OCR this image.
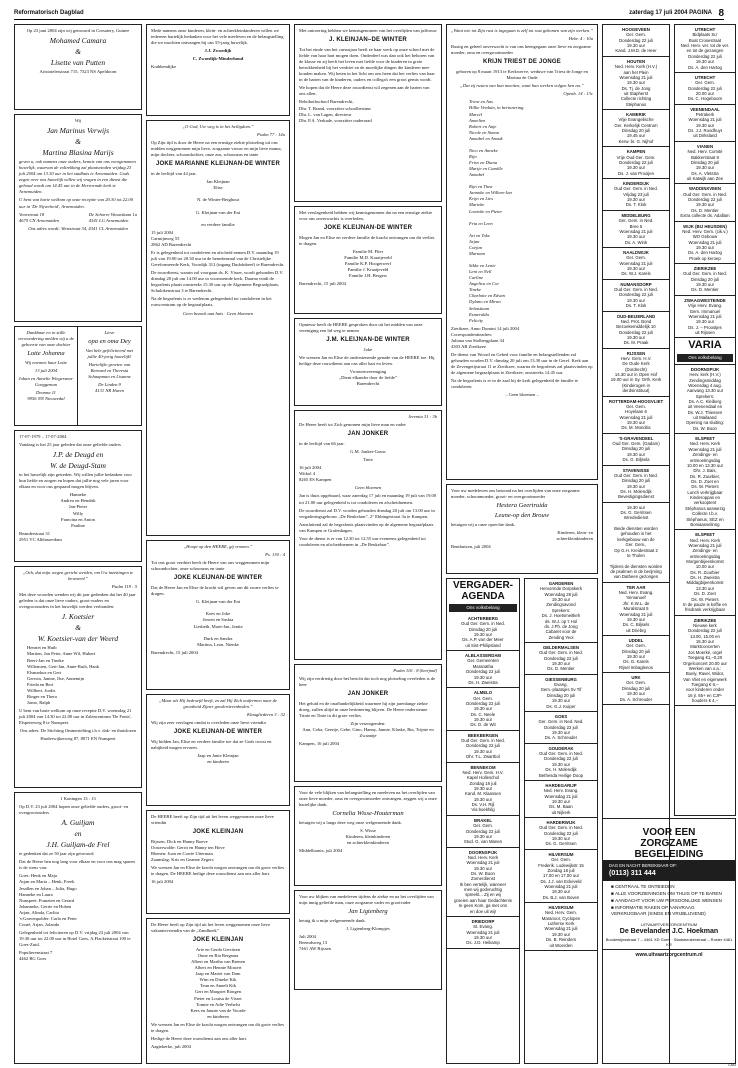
Reformatorisch Dagblad	zaterdag 17 juli 2004 PAGINA 8

Op 23 juni 2004 zijn wij getrouwd in Corsaiery, Guinee

Mohamed Camara

&

Lisette van Putten

Aristotelesstraat 715, 7323 NS Apeldoorn

Wij

Jan Marinus Verwijs

&

Martina Blasina Marijs

geven u, ook namens onze ouders, kennis van ons voorgenomen huwelijk, waarvan de voltrekking zal plaatsvinden vrijdag 23 juli 2004 om 13.30 uur in het stadhuis te Arnemuiden. Gods zegen over ons huwelijk willen wij vragen in een dienst die gehoud wordt om 14.45 uur in de Hervormde kerk te Arnemuiden.

U bent van harte welkom op onze receptie van 20.30 tot 22.00 uur in 'De Nijverheid', Arnemuiden.

Voorstraat 18
4675 CN Arnemuiden

De Schorre Wouwtlaan 1a
4341 LG Arnemuiden

Ons adres wordt: Weststraat 34, 4341 CL Arnemuiden

Dankbaar en in stille verwondering melden wij u de geboorte van onze dochter

Lotte Johanna

Wij noemen haar Lotte

13 juli 2004

Johan en Annelie Wiegersma-Goeggeman

Deanna 11
9956 NN Nieuwedal

Lieve

opa en oma Dey

Van hele gefeliciteerd met jullie 40-jarig huwelijk!

Hartelijke groeten van Bernard en Theresia Schaapman en Lisanne

De Linden 9
4131 NR Haren

17-07-1979 – 17-07-2004

Vandaag is het 25 jaar geleden dat onze geliefde ouders

J.P. de Deugd en

W. de Deugd-Stam

in het huwelijk zijn getreden. Wij willen jullie bedanken voor hun liefde en zorgen en hopen dat jullie nog vele jaren voor elkaar en voor ons gespaard mogen blijven.

Hanneke
Andrea en Hendrik
Jan-Pieter
Willy
Francina en Anton
Pauline

Beanderstraat 31
2951 VC Alblasserdam

„Och, dat mijn wegen gericht werden, om Uw inzettingen te bewaren!”

Psalm 119 : 5

Met deze woorden wenden wij dit jaar gedenken dat het 40 jaar geleden is dat onze lieve ouders, groot-ouders en overgrootouders in het huwelijk werden verbonden:

J. Koetsier

&

W. Koetsier-van der Weerd

Henriet en Huib
Martien, Jan Peter, Anne Wil, Hubert
Beert-Jan en Tineke
Willemien, Gert-Jan, Anne-Ruth, Hank
Elsmarkus en Gert
Gerwin, Janine, Ilse, Annemijn
Frieda en Bert
Willbert, Jordis
Ringer en Thera
Jarno, Ralph

U bent van harte welkom op onze receptie D.V. woensdag 21 juli 2004 van 14.30 tot 22.00 uur in Zalencentrum 'De Fonts', Elspeterweg 8 te Nunspeet.

Ons adres: De Stichting Ommestelting t.b.v. dak- en thuislozen

Harderwijkerweg 87, 8071 EN Nunspeet

1 Koningen 13 : 13

Op D.V. 23 juli 2004 hopen onze geliefde ouders, groot- en overgrootouders

A. Guiljam

en

J.H. Guiljam-de Frel

te gedenken dat ze 50 jaar zijn getrouwd.

Dat de Heere hen nog lang voor elkaar en voor ons mag sparen is de wens van:

Goes: Henk en Maja
Arjan en Maria – Henk, Freek
Jesallen en Johan – Julia, Hugo
Hanneke en Laura
Nunspeet: Franzien en Gerard
Johanneke, Gerrie en Hoben
Arjan, Alinda, Carlita
's-Gravenpolder: Carla en Peter
Corné, Arjan, Jolanda

Gelegenheid tot feliciteren op D.V. vrijdag 23 juli 2004 van 19.30 uur tot 22.00 uur in Hotel Goes, A.Flacketstraat 100 te Goes-Zuid.

Populierenstraat 7
4462 BG Goes

Mede namens onze kinderen, klein- en achterkleinkinderen willen we iedereen hartelijk bedanken voor het vele meeleven en de belangstelling die we mochten ontvangen bij ons 55-jarig huwelijk.

J.J. Zwoedijk

C. Zwoedijk-Minderhoud

Krabbendijke

„O God, Uw weg is in het heiligdom.”

Psalm 77 : 14a

Op Zijn tijd is door de Heere na een ernstige ziekte plotseling uit ons midden weggenomen mijn lieve, zorgzame vrouw en mijn lieve mama, mijn dochter, schoondochter, onze zus, schoonzus en tante

JOKE MARIANNE KLEIJNAN-DE WINTER

in de leeftijd van 44 jaar.

Jan Kleijnan
Elise

N. de Winter-Berghout

G. Kleijnan-van der Ent

en verdere familie

15 juli 2004
Carmijnweg 55
2862 AD Barendrecht

Er is gelegenheid tot condoleren en afscheid nemen D.V. maandag 19 juli van 19.00 tot 20.30 uur in de benedenzaal van de Christelijke Gereformeerde Kerk, Voordijk 312 (ingang Dudokdreef) te Barendrecht.

De rouwdienst, waarin zal voorgaan ds. K. Visser, wordt gehouden D.V. dinsdag 20 juli om 14.00 uur in voornoemde kerk. Daarna vindt de begrafenis plaats omstreeks 15.30 uur op de Algemene Begraafplaats, Schalokenstraat 3 te Barendrecht.

Na de begrafenis is er wederom gelegenheid tot condoleren in het rouwcentrum op de begraafplaats.

Geen bezoek aan huis · Geen bloemen

„Hoopt op den HEERE, gij vromen.”

Ps. 130 : 4

Tot ons groot verdriet heeft de Heere van ons weggenomen mijn schoondochter, onze schoonzus en tante

JOKE KLEIJNAN-DE WINTER

Dat de Heere Jan en Elise de kracht wil geven om dit zware verlies te dragen.

G. Kleijnan-van der Ent

Kees en Joke
Jeroen en Saskia
Liesbeth, Marit-Jan, Janita

Durk en Sandra
Martina, Leon, Nienke

Barendrecht, 15 juli 2004

„Maar als Hij bedroefd heeft, zo zal Hij Zich ontfermen naar de grootheid Zijner goedertierenheden.”

Klaagliederen 3 : 32

Wij zijn zeer verslagen omdat is overleden onze lieve vriendin

JOKE KLEIJNAN-DE WINTER

Wij bidden Jan, Elise en verdere familie toe dat ze Gods troost en nabijheid mogen ervaren.

Jaap en Janie Kleinjan
en kinderen

De HEERE heeft op Zijn tijd uit het leven weggenomen onze lieve vriendin

JOKE KLEINJAN

Rijssen: Dick en Hanny Boeve
Oosterwolde: Gerrit en Hanny ten Hove
Rhenen: Joan en Corrie Uiterman
Zaamslag: Kris en Geanne Zegers

We wensen Jan en Elise de kracht mogen ontvangen om dit grote verlies te dragen. De HEERE heilige deze rouwdienst aan ons aller hart.

16 juli 2004

De Heere heeft op Zijn tijd uit het leven weggenomen onze lieve vakantievriendin van de „Zandhoek”

JOKE KLEINJAN

Arie en Gerda Gerritsen
Onne en Ria Bergsma
Albert en Martha van Brenen
Albert en Hennie Mostert
Jaap en Mariet van Dam
Wim en Dineke Kik
Teun en Anneli Kik
Gert en Margriet Rongen
Pieter en Louisa de Visser
Tonnie en Adie Verhelst
Kees en Jannie van de Voorde
en kinderen

We wensen Jan en Elise de kracht mogen ontvangen om dit grote verlies te dragen.

Heilige de Heere deze rouwdienst aan ons aller hart.

Aagtekerke, juli 2004

Met ontroering hebben we kennisgenomen van het overlijden van juffrouw

J. KLEINJAN–DE WINTER

Tot het einde van het cursusjaar heeft ze haar werk op onze school met de liefde van haar hart mogen doen. Onderdeel was dan ook het behoren van de klasse en zij heeft het leven met liefde voor de kinderen in grote betrokkenheid bij het verdriet en de moeilijke dingen die kinderen mee konden maken. Wij heten in het licht om ons heen dat het verlies van haar in de harten van de kinderen, ouders en collega's een groot gemis wordt.

We hopen dat de Heere deze rouwdienst wil zegenen aan de harten van ons allen.

Rehobothschool Barendrecht,
Dhr. T. Brand, voorzitter schoolbestuur
Dhr. L. van Lagen, directeur
Dhr. P.A. Verkade, voorzitter ouderraad

Met verslagenheid hebben wij kennisgenomen dat na een ernstige ziekte voor ons onverwachts is overleden,

JOKE KLEIJNAN-DE WINTER

Mogen Jan en Elise en verdere familie de kracht ontvangen om dit verlies te dragen.

Familie M. Flier
Familie M.D. Kraaijeveld
Familie K.P. Hoogerwerf
Familie J. Kraaijeveld
Familie J.H. Bergers

Barendrecht, 15 juli 2004

Opnieuw heeft de HEERE gesproken door uit het midden van onze vereniging een lid weg te nemen

J.M. KLEIJNAN-DE WINTER

Joke

We wensen Jan en Elise de onderstenende genade van de HEERE toe. Hij heilige deze rouwdienst aan ons aller hart en leven.

Vrouwenvereniging
„Dient elkander door de liefde”
Barendrecht

Jeremia 31 : 3b

De Heere heeft tot Zich genomen mijn lieve man en vader

JAN JONKER

in de leeftijd van 66 jaar.

G.M. Jonker-Gouw

Tinie

16 juli 2004
Witbol 4
8265 ES Kampen

Geen bloemen

Jan is thuis opgebaard, waar zaterdag 17 juli en maandag 19 juli van 19.00 tot 21.00 uur gelegenheid is tot condoleren en afscheidnemen.

De rouwdienst zal D.V. worden gehouden dinsdag 20 juli om 13.00 uur in vergaderingsgebouw „De Beukelaar”, 2° Ebbingestraat 3a te Kampen.

Aansluitend zal de begrafenis plaatsvinden op de algemene begraafplaats van Kampen te Grafenhagen.

Voor de dienst is er van 12.30 tot 12.55 uur eveneens gelegenheid tot condoleren en afscheidnemen in „De Beukelaar”.

Psalm 116 : 8 (berijmd)

Wij zijn verdrietig door het bericht dat toch nog plotseling overleden is de heer

JAN JONKER

Het geluid en de onafhankelijkheid waarmee hij zijn jarenlange ziekte droeg, zullen altijd in onze herinnering blijven. De Heere ondersteune Trinie en Tinie in dit grote verlies.

Zijn verzorgenden:
Ann, Coba, Geertje, Gebe, Gino, Hanny, Jannie, Klaske, Ria, Trijnie en Zwaantje

Kampen, 16 juli 2004

Voor de vele blijken van belangstelling en meeleven na het overlijden van onze lieve moeder, oma en overgrootmoeder ontvangen, zeggen wij u onze hartelijke dank.

Cornelia Wisse-Houterman

betuigen wij u langs deze weg onze welgemeende dank.

S. Wisse
Kinderen, kleinkinderen
en achterkleinkinderen

Middelharnis, juli 2004

Voor uw blijken van medeleven tijdens de ziekte en na het overlijden van mijn innig geliefde man, onze zorgzame vader en grootvader

Jan Ligtenberg

betuig ik u mijn welgemeende dank.

J. Ligtenberg-Klompjes

Juli 2004
Beemdsweg 13
7461 AW Rijssen

„Want wie tot Zijn rust is ingegaan is zelf tot rust gekomen van zijn werken.”

Hebr. 4 : 10a

Rustig en geheel onverwacht is van ons heengegaan onze lieve en zorgzame moeder, oma en overgrootmoeder

KRIJN TRIEST DE JONGE

geboren op 8 maart 1913 te Kerkwerve, weduwe van Triest de Jonge en Martina de Oude

„Dat zij rusten van hun moeiten, want hun werken volgen hen na.”

Openb. 14 : 13c

Triest en Ans
Hillie Verduin, in herinnering
Marcel
Annelien
Robert en Anje
Nicole en Simon
Annabel en Anouk

Nico en Anneke
Rijn
Friso en Diana
Marije en Camille
Annabel

Rijn en Thea
Jannoke en Willem-Jan
Krijn en Lies
Marieke
Lowieke en Pieter

Fria en Leen

Art en Toke
Arjan
Corjan
Marnam

Sikke en Lenie
Leni en Nell
Carline
Angelica en Cor
Tineke
Charlotte en Edwin
Dylano en Miran
Sebastiaan
Esmeralda
Felicity

Zierikzee, Anno Domini 14 juli 2004
Correspondentieadres:
Juliana van Stolbergplaan 34
4303 AB Zierikzee

De dienst van Woord en Gebed voor familie en belangstellenden zal gehouden worden D.V. dinsdag 20 juli om 13.30 uur in de Geref. Kerk aan de Zevengetijstraat 11 te Zierikzee, waarna de begrafenis zal plaatsvinden op de algemene begraafplaats te Zierikzee, omstreeks 14.45 uur.

Na de begrafenis is er in de zaal bij de kerk gelegenheid de familie te condoleren.

– Geen bloemen –

Voor uw medeleven ons betoond na het overlijden van onze zorgzame moeder, schoonmoeder, groot- en overgrootmoeder

Hestera Geertruida

Leune-op den Brouw

betuigen wij u onze oprechte dank.

Kinderen, klein- en
achterkleinkinderen

Benthuizen, juli 2004

VERGADER-AGENDA

Ons volksbelang

ACHTERBERG
Oud Ger. Gem. in Ned.
Dinsdag 20 juli
19.30 uur
Ds. A.P. van der Meer
uit Sint-Philipsland
ALBLASSERDAM
Ger. Gemeenten
Maranatha
Donderdag 22 juli
19.30 uur
Ds. H. Zweistra
ALMELO
Ger. Gem.
Donderdag 22 juli
19.30 uur
Ds. C. Neele
19.30 uur
Ds. D. de Wit
BEEKBERGEN
Oud Ger. Gem. in Ned.
Donderdag 22 juli
19.30 uur
Dhr. T.L. Zwartbol
BENNEKOM
Ned. Herv. Gem. H.V.
Kapel Holleschol
Zondag 18 juli
19.30 uur
Kand. M. Klaassen
19.30 uur
Ds. V.H. Rijl
Via boekhilg
BRAKEL
Ger. Gem.
Donderdag 22 juli
19.30 uur
Stud. G. van Manen
DOORNSPIJK
Ned. Herv. Kerk
Woensdag 21 juli
19.30 uur
Ds. W. Boon
Zomerdienst
Ik ben vertelijk, wanneer
men wij godvruchtig
spreekt... Zij en wij
groeien aan haar Gedachtenis
te geen Kom, ga met ons
en doe uit wij!
DRIEDORP
St. Evang.
Woensdag 21 juli
19.30 uur
Ds. J.D. Heikamp
GARDEREN
Hervormde Dorpskerk
Woensdag 28 juli
19.30 uur
Zendingsavond
Sprekers:
Ds. J. Hoetsmeitkeh
ds. W.J. op 't Hol
ds. J.Ph. de Jong
Cabaret voor de
Zending Yeoi
GELDERMALSEN
Oud Ger. Gem. in Ned.
Donderdag 22 juli
19.30 uur
Ds. D. Mentier
GIESSENBURG
Evang.
Gem.-plaatsjes Sv Tif
Dinsdag 20 juli
19.30 uur
Ds. G.J. Kuiper
GOES
Ger. Gem. in Ned. Ned.
Donderdag 22 juli
19.30 uur
Ds. A. Schreuder
GOUDERAK
Oud Ger. Gem. in Ned.
Donderdag 22 juli
19.30 uur
Ds. H. Molendijk
Bethesda Heilige Doop
HARDEGARIJP
Ned. Herv. Evang.
Woensdag 21 juli
19.30 uur
Ds. M. Baan
uit Nijkerk
HARDERWIJK
Oud Ger. Gem. in Ned.
Donderdag 22 juli
19.30 uur
Ds. G. Gerritsen
HILVERSUM
Ger. Gem.
Frederik. Lodewijkstr 15
Zondag 18 juli
17.00 en 17.00 uur
Ds. J.J. van Eckeveld
Woensdag 21 juli
19.30 uur
Ds. B.J. van Boven
HILVERSUM
Ned. Herv. Gem.
Maranoor, Cyclopen
Lutherse Kerk
Woensdag 21 juli
19.30 uur
Ds. B. Reinders
uit Woerden
HOOGEVEEN
Ger. Gem.
Donderdag 22 juli
19.30 uur
Kand. J.M.D. de Heer
HOUTEN
Ned. Herv. Kerk (H.V.)
aan het Plein
Woensdag 21 juli
19.30 uur
Ds. Tj. de Jong
uit Stapherst
Collecte richting
Stéphanus
KAMERIK
Vrije Evangelische
Ger. Kerkelijk Centrum
Dinsdag 20 juli
19.45 uur
Kerw. br. G. Nijhof
KAMPEN
Vrije Oud Ger. Gem.
Donderdag 22 juli
19.30 uur
Ds. J. van Prooijen
KINDERDIJK
Oud Ger. Gem. in Ned.
Vrijdag 23 juli
19.30 uur
Ds. T. Klok
MIDDELBURG
Ger. Gem. in Ned.
Bree 5
Woensdag 21 juli
19.30 uur
Ds. A. Wink
NAALDWIJK
Ger. Gem.
Woensdag 21 juli
19.30 uur
Ds. W.J. Karels
NUMANSDORP
Oud Ger. Gem. in Ned.
Donderdag 22 juli
19.30 uur
Ds. T. Klok
OUD-BEIJERLAND
Ned. Prot. Bond
Bezoekemiddelijk 10
Donderdag 22 juli
19.30 uur
Ds. M. Praak
RIJSSEN
Herv. Gem. H.V.
De Oude Kerk
(Dordrecht)
14.30 uur in Open Hof
19.00 uur in Sy. Orth. Kerk
(Kinderogen in
derdsinstituut)
ROTTERDAM-HOOGVLIET
Ger. Gem.
Hoyelaan 6
Woensdag 21 juli
19.30 uur
Ds. M. Mondria
'S-GRAVENDEEL
Oud Ger. Gem. (Gadam)
Dinsdag 20 juli
19.30 uur
Ds. G. Biljsela
STAVENISSE
Oud Ger. Gem. in Ned.
Dinsdag 20 juli
19.30 uur
Ds. H. Molendijk
Bevestigingsdienst
19.30 uur
Ds. G. Gerritsen
Intrededienst

Beide diensten worden
gehouden in het
kerkgebouw van de
Ger. Gem.,
Op G.H. Kreidestraat 2
te Tholen

Tijdens de diensten worden
de psalmen in de berijming
van Datheen gezongen
TER AAR
Ned. Herv. Evang.
'Immanuel'
Jhr. K.W.L. de
Muralstraat 5
Woensdag 21 juli
19.30 uur
Ds. C. Biljsels
uit Driebrg
UDDEL
Ger. Gem.
Dinsdag 20 juli
19.30 uur
Ds. G. Karels
Rijsel Imbaglenos
URK
Ger. Gem.
Dinsdag 20 juli
19.30 uur
Ds. A. Schreuder
UTRECHT
Bidplaats Su'
Boat Crosestraat
Ned. Herv. ver. tot de ver.
en tot de gezangen
Donderdag 22 juli
19.30 uur
Ds. A. den Hartog
UTRECHT
Ger. Gem.
Donderdag 22 juli
20.00 uur
Ds. C. Hogeboom
VEENENDAAL
Petrakerk
Woensdag 21 juli
19.30 uur
Ds. J.J. Roodhuyt
uit Dirksland
VIANEN
Ned. Herv. Comité
Bakkerstraat 8
Dinsdag 20 juli
19.30 uur
Ds. A. Vletstra
uit Katwijk aan Zee
WADDINXVEEN
Oud Ger. Gem. in Ned.
Donderdag 22 juli
19.30 uur
Ds. D. Mentier
Extra collecte ds. Adallam
WIJK (BIJ HEUSDEN)
Ned. Herv. Gem. (cik.v.)
WO Gebouw
Woensdag 21 juli
19.30 uur
Ds. A. den Hartog
Proek op keroep
ZIERIKZEE
Oud Ger. Gem. in Ned.
Dinsdag 20 juli
19.30 uur
Ds. D. Mentier
ZWAAGWESTEINDE
Vrije Herv. Evang.
Gem. Immanuel
Woensdag 21 juli
19.30 uur
Ds. J. – Proostjes
uit Rijssen

VARIA

Ons volksbelang

DOORNSPIJK
Herv. kerk (H.V.)
Zendingsmiddag
Woensdag 4 aug.
Aanvang 13.30 uur
Sprekers:
Ds. A.C. Kleiberg
uit Veenendaal en
Ds. W.J. Thiessen
uit Mailaand
Opening na sluiting:
Ds. W. Boon
ELSPEET
Ned. Herv. Kerk
Woensdag 21 juli
Zendings- en
ontmoetingsdag
10.00 en 13.30 uur
Dhr. J. Bais,
Ds. R. Zuurbier,
Ds. D. Zoet en
Ds. W. Pieters
Lunch verkrijgbaar
Kinderoppas en
verkooptent
Stéphanus aanwezig
Collecte t.b.v.
Stéphanus, SEZ en
Boniaasselinng
ELSPEET
Ned. Herv. Kerk
Woensdag 21 juli
Zendings- en
ontmoetingsdag
Morgenbijeenkomst
10.00 uur
Ds. R. Zuurbier
Ds. H. Zweistra
Middagbijeenkomst
13.30 uur
Ds. D. Zoet
Ds. W. Pieters
In de pauze is koffie en
frisdrank verkrijgbaar
ZIERIKZEE
Nieuwe kerk
Donderdag 22 juli
13.00, 15.00 en
15.30 uur
Marktconcerten
Jos Moerké, orgel
Toegang €1,–0,20
Orgelconcert 20.00 uur
Werken van o.a.:
Boely, Ravel, Widor,
Van Vliet en eigenwerk
Toegang € 6,–
voor kinderen onder
16 jr. 65+ en CJP-
houders € 4,–
VOOR EEN
ZORGZAME
BEGELEIDING
DAG EN NACHT BEREIKBAAR OP:
(0113) 311 444
■ CENTRAAL TE ONTBIEDEN
■ ALLE VOORZIENINGEN OM THUIS OP TE BAREN
■ AANDACHT VOOR UW PERSOONLIJKE WENSEN
■ INFORMATIE RAKEN OP AANVRAAG VERKRIJGBAAR (SINDS EN VRIJBLIJVEND)
UITVAARTVERZORGENTRUM
De Bevelanden J.C. Hoekman
Boudewijnsstraat 7 – 4461 XD Goes · Stadsbeukerstraat – Rosier 4461 KR
www.uitvaartzorgcentrum.nl
CM3
